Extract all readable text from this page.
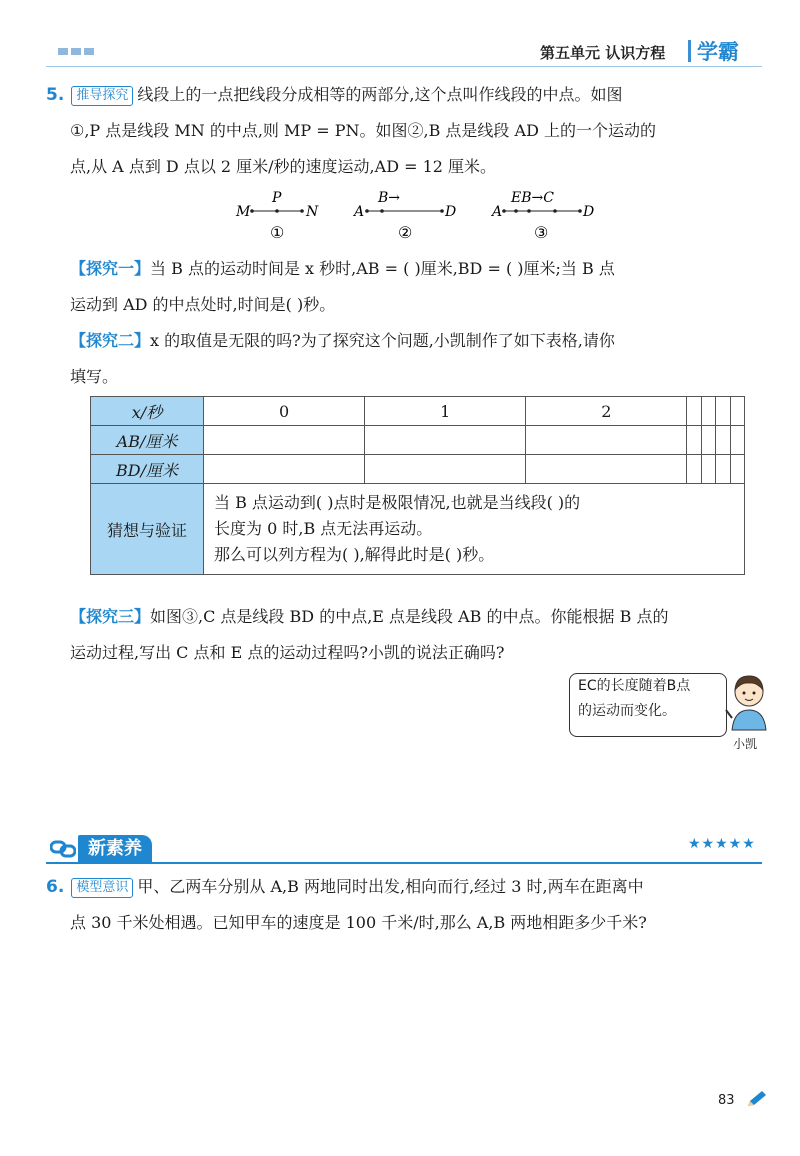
第五单元 认识方程 学霸
5. 推导探究 线段上的一点把线段分成相等的两部分,这个点叫作线段的中点。如图
①,P 点是线段 MN 的中点,则 MP = PN。如图②,B 点是线段 AD 上的一个运动的
点,从 A 点到 D 点以 2 厘米/秒的速度运动,AD = 12 厘米。
M	N
P
①
A	D
B→
②
A	D
EB→C
③
【探究一】当 B 点的运动时间是 x 秒时,AB = ( )厘米,BD = ( )厘米;当 B 点
运动到 AD 的中点处时,时间是( )秒。
【探究二】x 的取值是无限的吗?为了探究这个问题,小凯制作了如下表格,请你
填写。
x/秒	0	1	2				
AB/厘米							
BD/厘米							
猜想与验证	当 B 点运动到( )点时是极限情况,也就是当线段( )的
长度为 0 时,B 点无法再运动。
那么可以列方程为( ),解得此时是( )秒。						
【探究三】如图③,C 点是线段 BD 的中点,E 点是线段 AB 的中点。你能根据 B 点的
运动过程,写出 C 点和 E 点的运动过程吗?小凯的说法正确吗?
EC的长度随着B点
的运动而变化。
小凯
新素养	★★★★★
6. 模型意识 甲、乙两车分别从 A,B 两地同时出发,相向而行,经过 3 时,两车在距离中
点 30 千米处相遇。已知甲车的速度是 100 千米/时,那么 A,B 两地相距多少千米?
83
